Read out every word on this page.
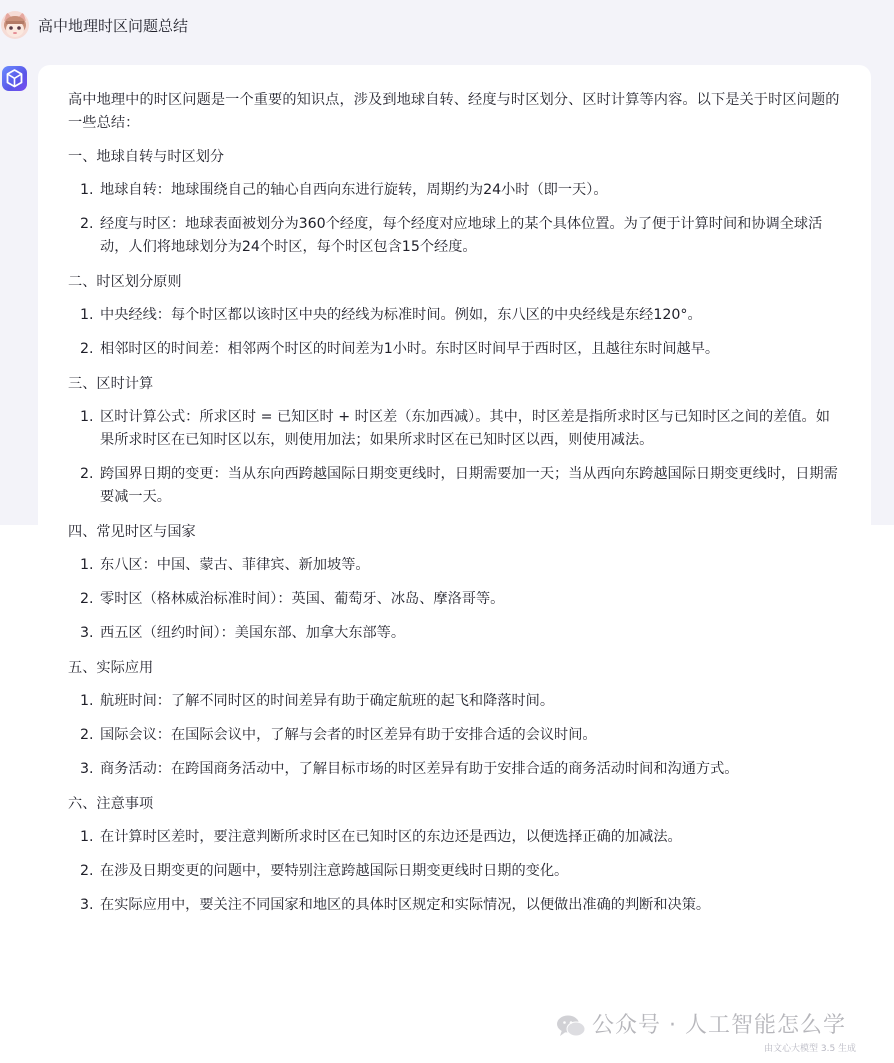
高中地理时区问题总结

高中地理中的时区问题是一个重要的知识点，涉及到地球自转、经度与时区划分、区时计算等内容。以下是关于时区问题的一些总结：

一、地球自转与时区划分
1. 地球自转：地球围绕自己的轴心自西向东进行旋转，周期约为24小时（即一天）。
2. 经度与时区：地球表面被划分为360个经度，每个经度对应地球上的某个具体位置。为了便于计算时间和协调全球活动，人们将地球划分为24个时区，每个时区包含15个经度。
二、时区划分原则
1. 中央经线：每个时区都以该时区中央的经线为标准时间。例如，东八区的中央经线是东经120°。
2. 相邻时区的时间差：相邻两个时区的时间差为1小时。东时区时间早于西时区，且越往东时间越早。
三、区时计算
1. 区时计算公式：所求区时 = 已知区时 + 时区差（东加西减）。其中，时区差是指所求时区与已知时区之间的差值。如果所求时区在已知时区以东，则使用加法；如果所求时区在已知时区以西，则使用减法。
2. 跨国界日期的变更：当从东向西跨越国际日期变更线时，日期需要加一天；当从西向东跨越国际日期变更线时，日期需要减一天。
四、常见时区与国家
1. 东八区：中国、蒙古、菲律宾、新加坡等。
2. 零时区（格林威治标准时间）：英国、葡萄牙、冰岛、摩洛哥等。
3. 西五区（纽约时间）：美国东部、加拿大东部等。
五、实际应用
1. 航班时间：了解不同时区的时间差异有助于确定航班的起飞和降落时间。
2. 国际会议：在国际会议中，了解与会者的时区差异有助于安排合适的会议时间。
3. 商务活动：在跨国商务活动中，了解目标市场的时区差异有助于安排合适的商务活动时间和沟通方式。
六、注意事项
1. 在计算时区差时，要注意判断所求时区在已知时区的东边还是西边，以便选择正确的加减法。
2. 在涉及日期变更的问题中，要特别注意跨越国际日期变更线时日期的变化。
3. 在实际应用中，要关注不同国家和地区的具体时区规定和实际情况，以便做出准确的判断和决策。
公众号 · 人工智能怎么学
由文心大模型 3.5 生成
